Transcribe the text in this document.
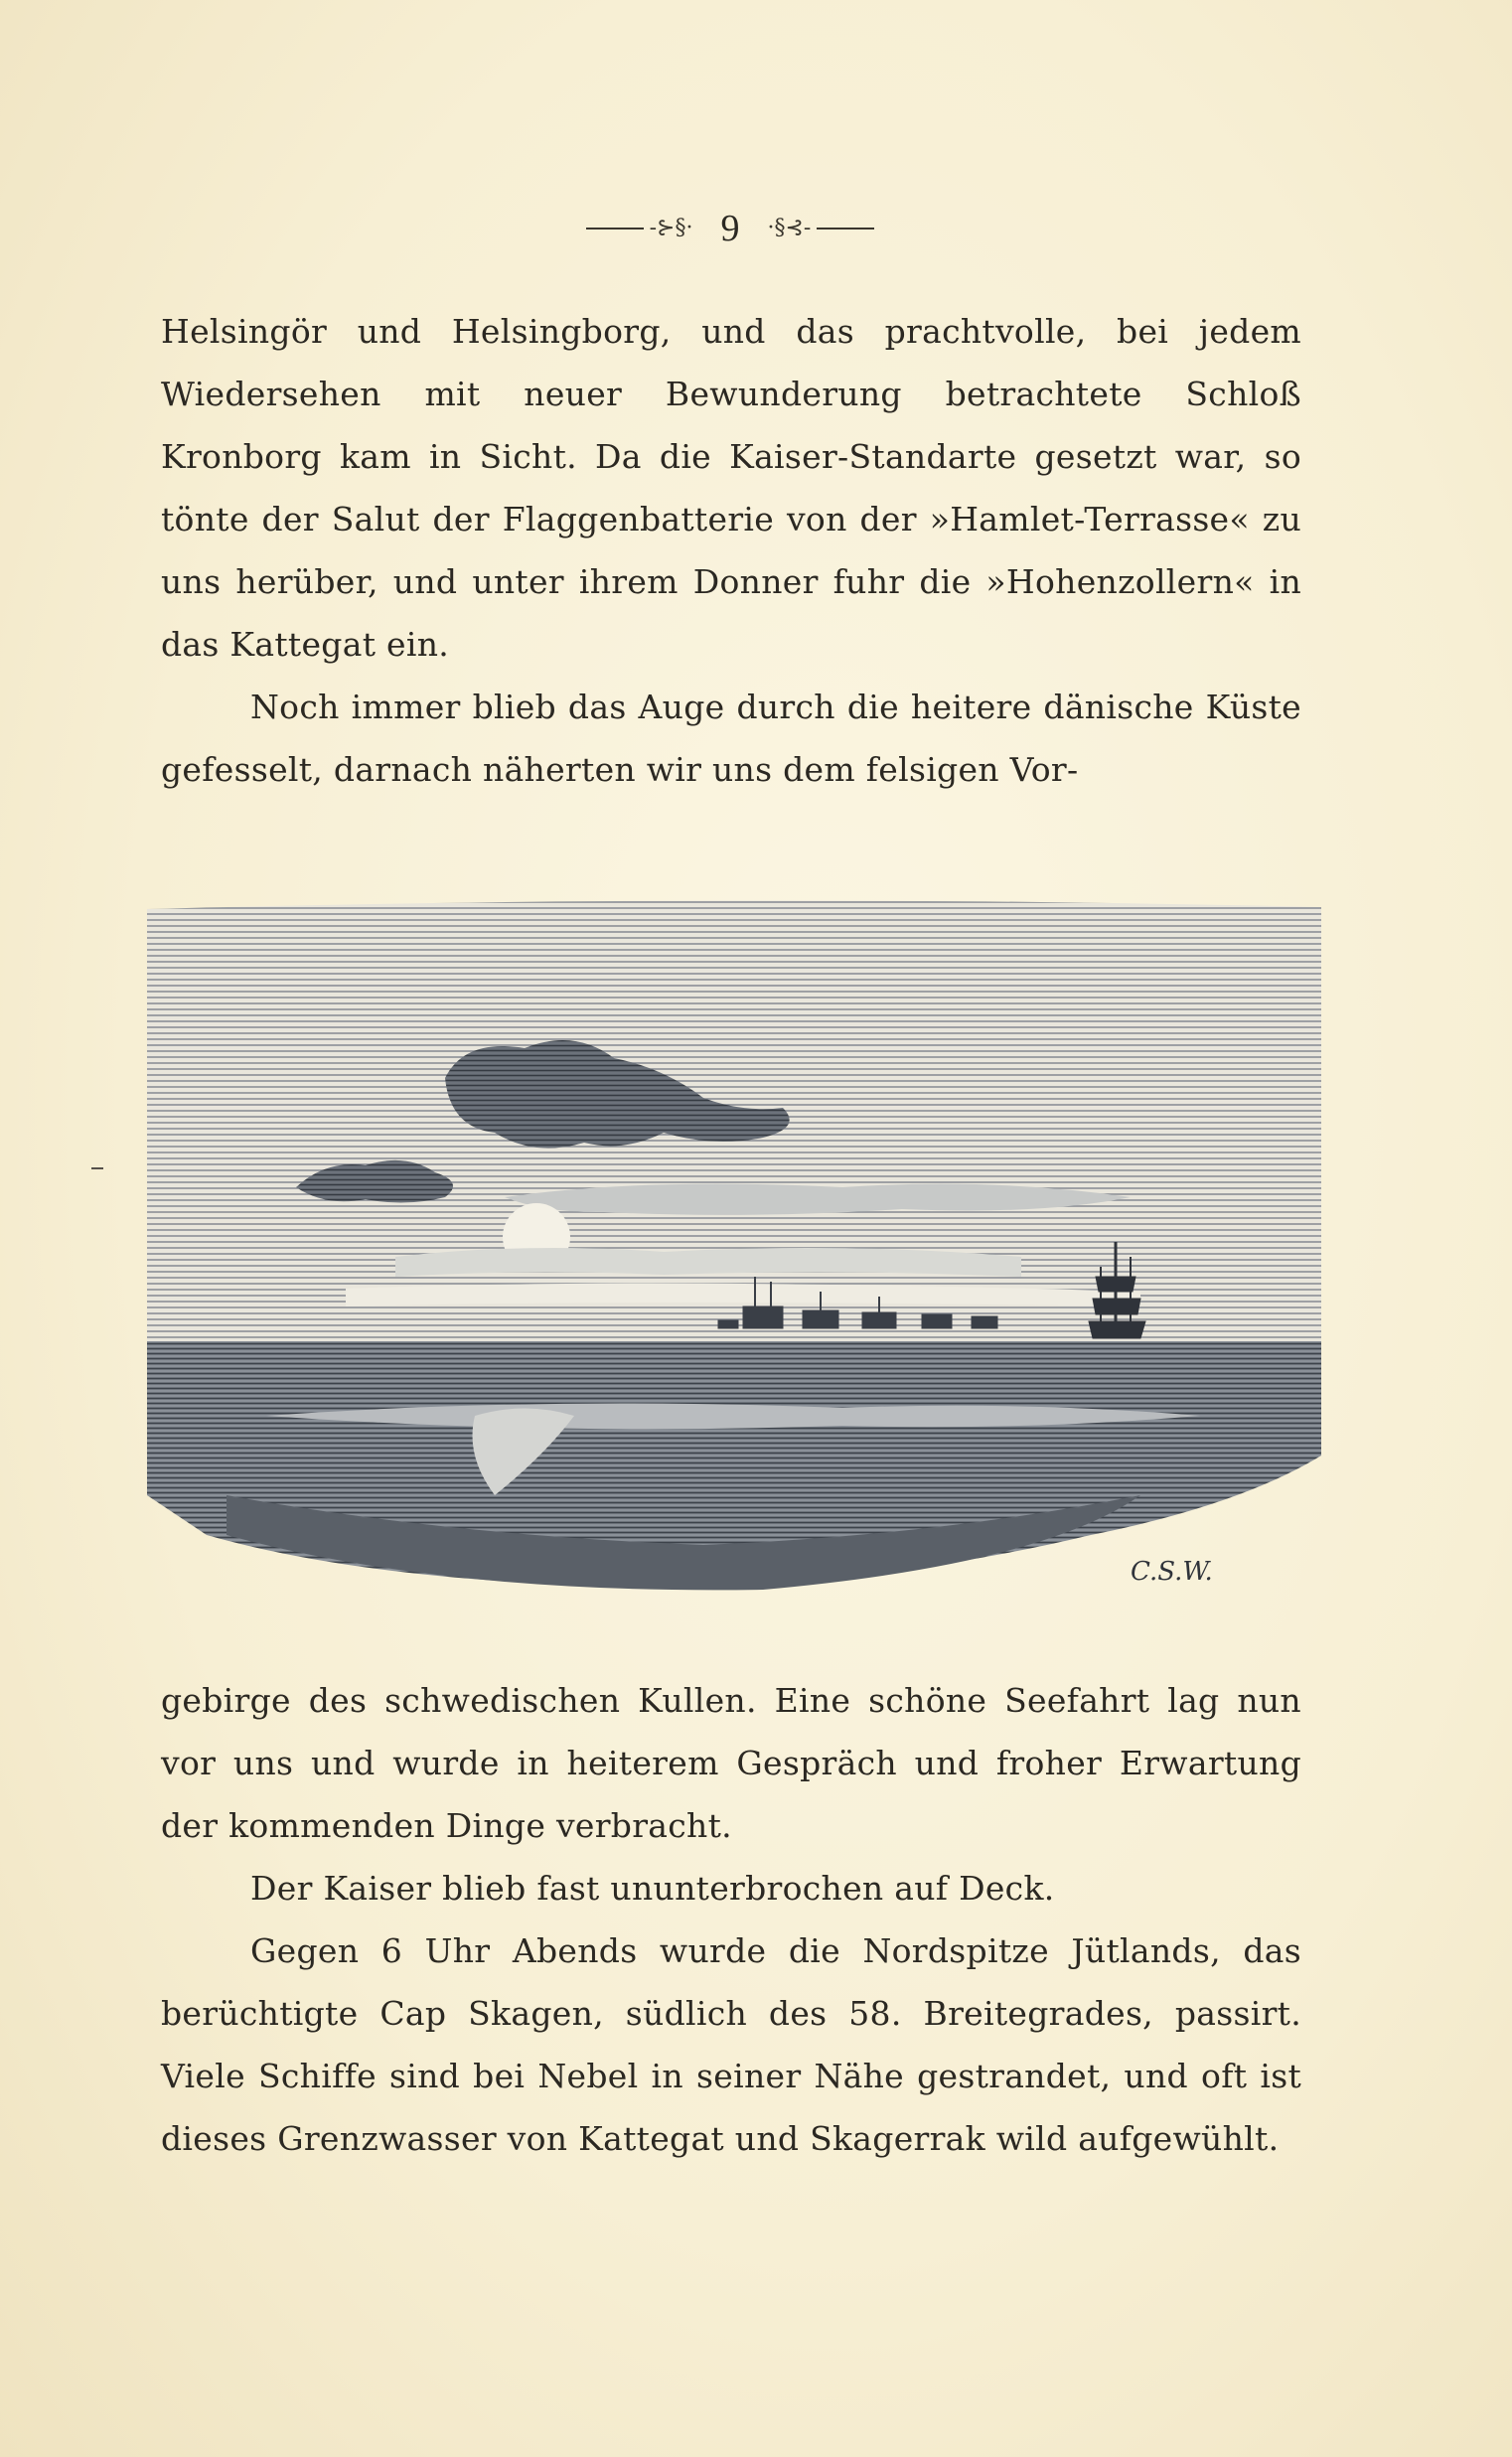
-⊱§· 9 ·§⊰-

Helsingör und Helsingborg, und das prachtvolle, bei jedem Wiedersehen mit neuer Bewunderung betrachtete Schloß Kronborg kam in Sicht. Da die Kaiser-Standarte gesetzt war, so tönte der Salut der Flaggenbatterie von der »Hamlet-Terrasse« zu uns herüber, und unter ihrem Donner fuhr die »Hohenzollern« in das Kattegat ein.

Noch immer blieb das Auge durch die heitere dänische Küste gefesselt, darnach näherten wir uns dem felsigen Vor-

C.S.W.

gebirge des schwedischen Kullen. Eine schöne Seefahrt lag nun vor uns und wurde in heiterem Gespräch und froher Erwartung der kommenden Dinge verbracht.

Der Kaiser blieb fast ununterbrochen auf Deck.

Gegen 6 Uhr Abends wurde die Nordspitze Jütlands, das berüchtigte Cap Skagen, südlich des 58. Breitegrades, passirt. Viele Schiffe sind bei Nebel in seiner Nähe gestrandet, und oft ist dieses Grenzwasser von Kattegat und Skagerrak wild aufgewühlt.
